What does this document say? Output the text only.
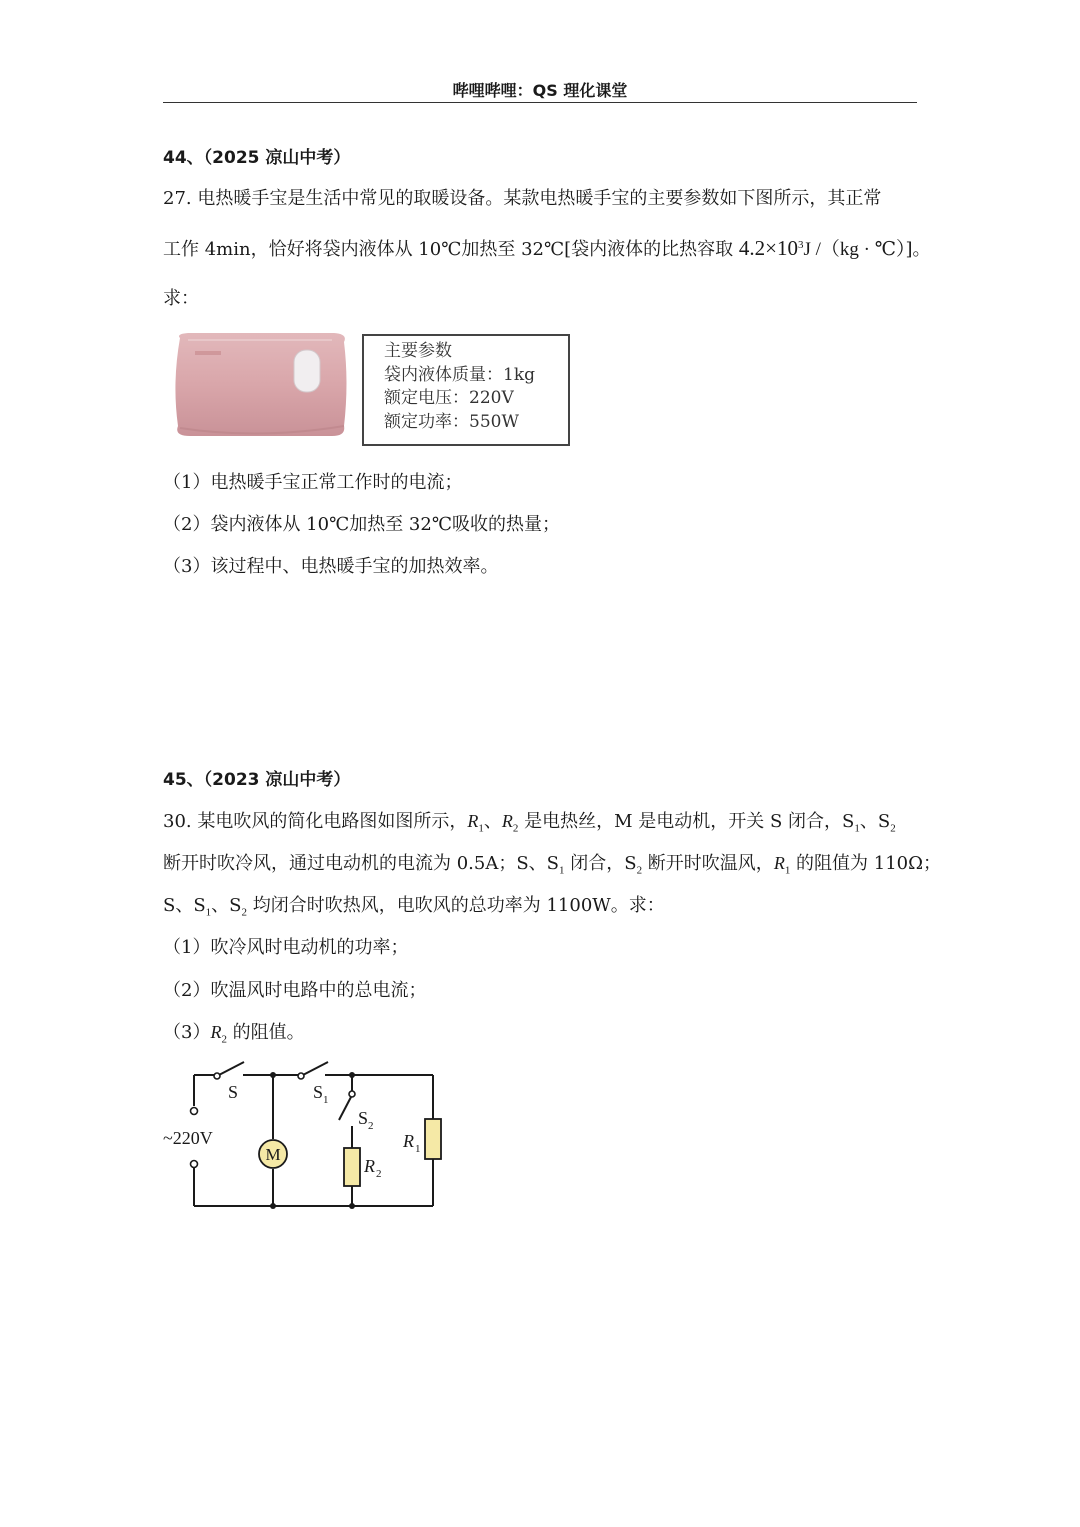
哔哩哔哩：QS 理化课堂
44、（2025 凉山中考）
27. 电热暖手宝是生活中常见的取暖设备。某款电热暖手宝的主要参数如下图所示，其正常
工作 4min，恰好将袋内液体从 10℃加热至 32℃[袋内液体的比热容取 $4.2\times 10^3J$ /（kg · ℃）]。
求：
主要参数
袋内液体质量：1kg
额定电压：220V
额定功率：550W
（1）电热暖手宝正常工作时的电流；
（2）袋内液体从 10℃加热至 32℃吸收的热量；
（3）该过程中、电热暖手宝的加热效率。
45、（2023 凉山中考）
30. 某电吹风的简化电路图如图所示，$R_1$、$R_2$ 是电热丝，M 是电动机，开关 S 闭合，$S_1$、$S_2$
断开时吹冷风，通过电动机的电流为 0.5A；S、$S_1$ 闭合，$S_2$ 断开时吹温风，$R_1$ 的阻值为 110Ω；
S、$S_1$、$S_2$ 均闭合时吹热风，电吹风的总功率为 1100W。求：
（1）吹冷风时电动机的功率；
（2）吹温风时电路中的总电流；
$(3)R_2$ 的阻值。
M
~220V
S	S 1
S 2
R 2
R 1
